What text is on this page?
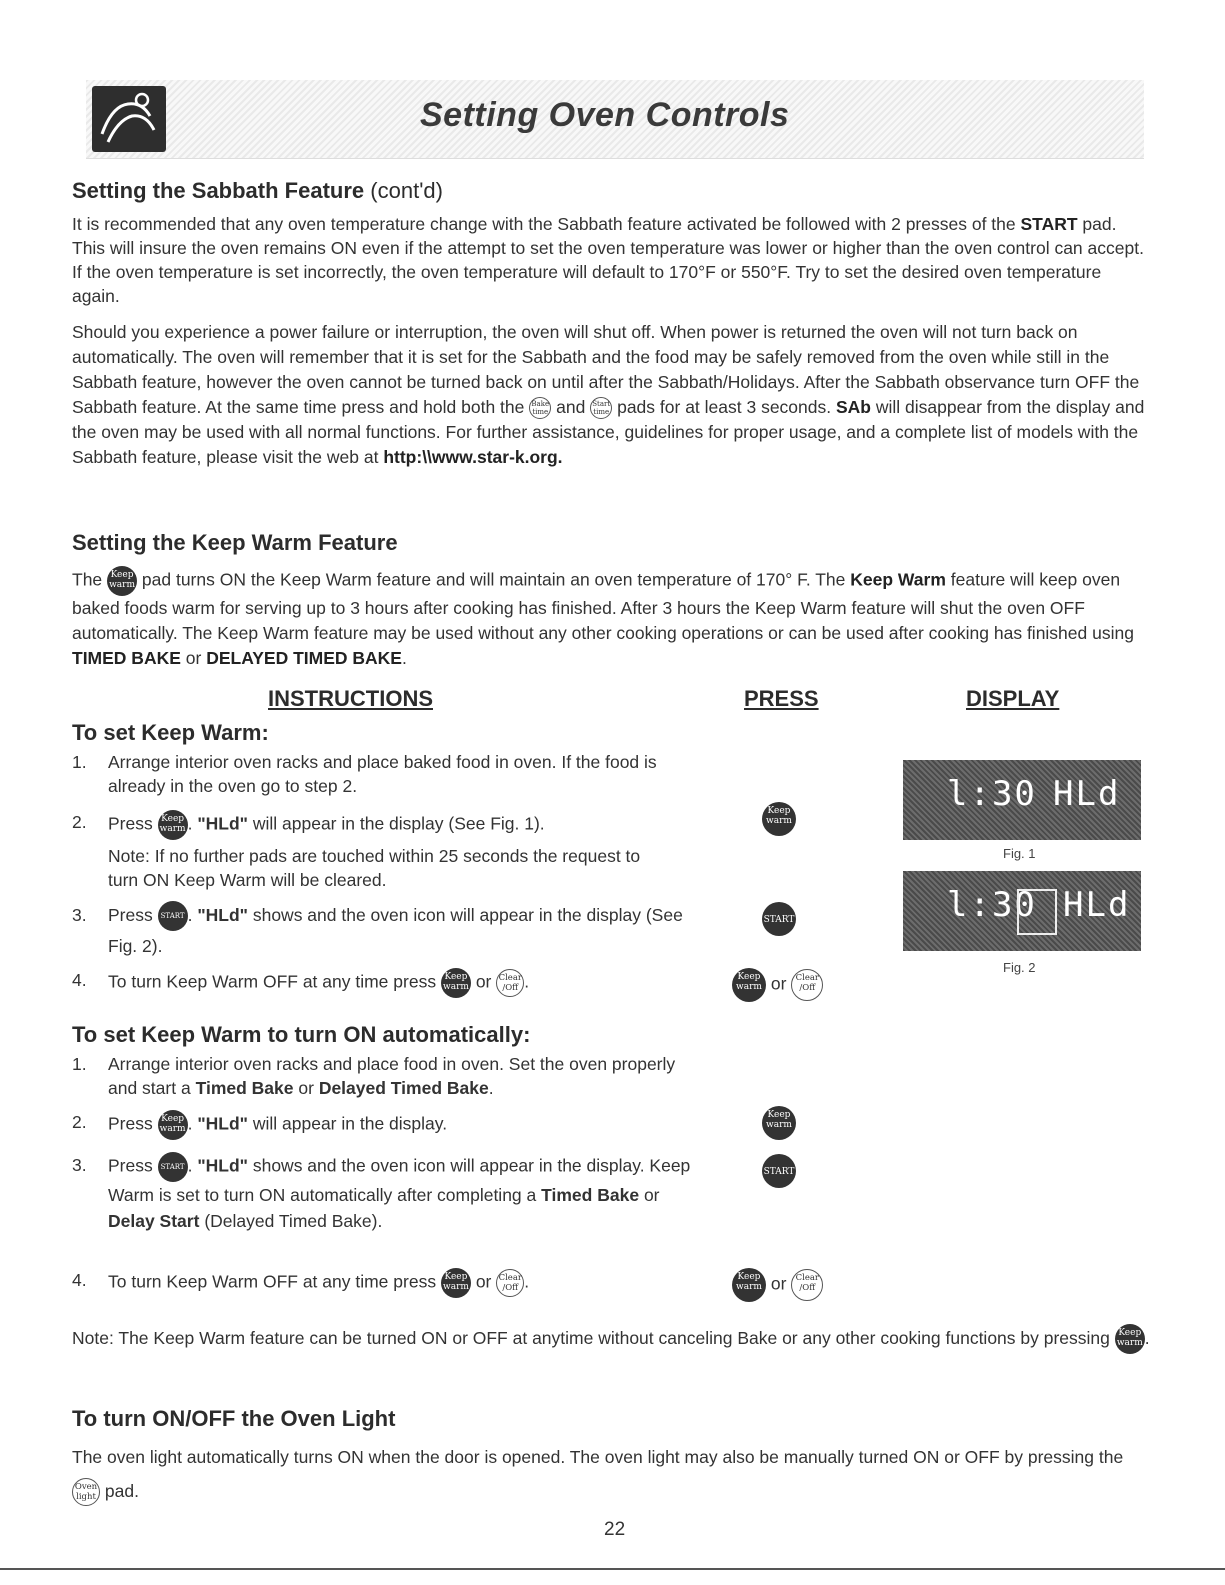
Setting Oven Controls
Setting the Sabbath Feature (cont'd)
It is recommended that any oven temperature change with the Sabbath feature activated be followed with 2 presses of the START pad. This will insure the oven remains ON even if the attempt to set the oven temperature was lower or higher than the oven control can accept. If the oven temperature is set incorrectly, the oven temperature will default to 170°F or 550°F. Try to set the desired oven temperature again.
Should you experience a power failure or interruption, the oven will shut off. When power is returned the oven will not turn back on automatically. The oven will remember that it is set for the Sabbath and the food may be safely removed from the oven while still in the Sabbath feature, however the oven cannot be turned back on until after the Sabbath/Holidays. After the Sabbath observance turn OFF the Sabbath feature. At the same time press and hold both the Bake
time and Start
time pads for at least 3 seconds. SAb will disappear from the display and the oven may be used with all normal functions. For further assistance, guidelines for proper usage, and a complete list of models with the Sabbath feature, please visit the web at http:\\www.star-k.org.
Setting the Keep Warm Feature
The Keep
warm pad turns ON the Keep Warm feature and will maintain an oven temperature of 170° F. The Keep Warm feature will keep oven baked foods warm for serving up to 3 hours after cooking has finished. After 3 hours the Keep Warm feature will shut the oven OFF automatically. The Keep Warm feature may be used without any other cooking operations or can be used after cooking has finished using TIMED BAKE or DELAYED TIMED BAKE.
INSTRUCTIONS	PRESS	DISPLAY
To set Keep Warm:
1. Arrange interior oven racks and place baked food in oven. If the food is already in the oven go to step 2.
2. Press Keep
warm . "HLd" will appear in the display (See Fig. 1).
Note: If no further pads are touched within 25 seconds the request to turn ON Keep Warm will be cleared.
3. Press START . "HLd" shows and the oven icon will appear in the display (See Fig. 2).
4. To turn Keep Warm OFF at any time press Keep
warm or Clear
/Off .
Keep
warm
START
Keep
warm or Clear
/Off
l:30 HLd
Fig. 1
l:30 HLd
Fig. 2
To set Keep Warm to turn ON automatically:
1. Arrange interior oven racks and place food in oven. Set the oven properly and start a Timed Bake or Delayed Timed Bake.
2. Press Keep
warm . "HLd" will appear in the display.
3. Press START . "HLd" shows and the oven icon will appear in the display. Keep Warm is set to turn ON automatically after completing a Timed Bake or Delay Start (Delayed Timed Bake).
4. To turn Keep Warm OFF at any time press Keep
warm or Clear
/Off .
Keep
warm
START
Keep
warm or Clear
/Off
Note: The Keep Warm feature can be turned ON or OFF at anytime without canceling Bake or any other cooking functions by pressing Keep
warm .
To turn ON/OFF the Oven Light
The oven light automatically turns ON when the door is opened. The oven light may also be manually turned ON or OFF by pressing the Oven
light pad.
22
